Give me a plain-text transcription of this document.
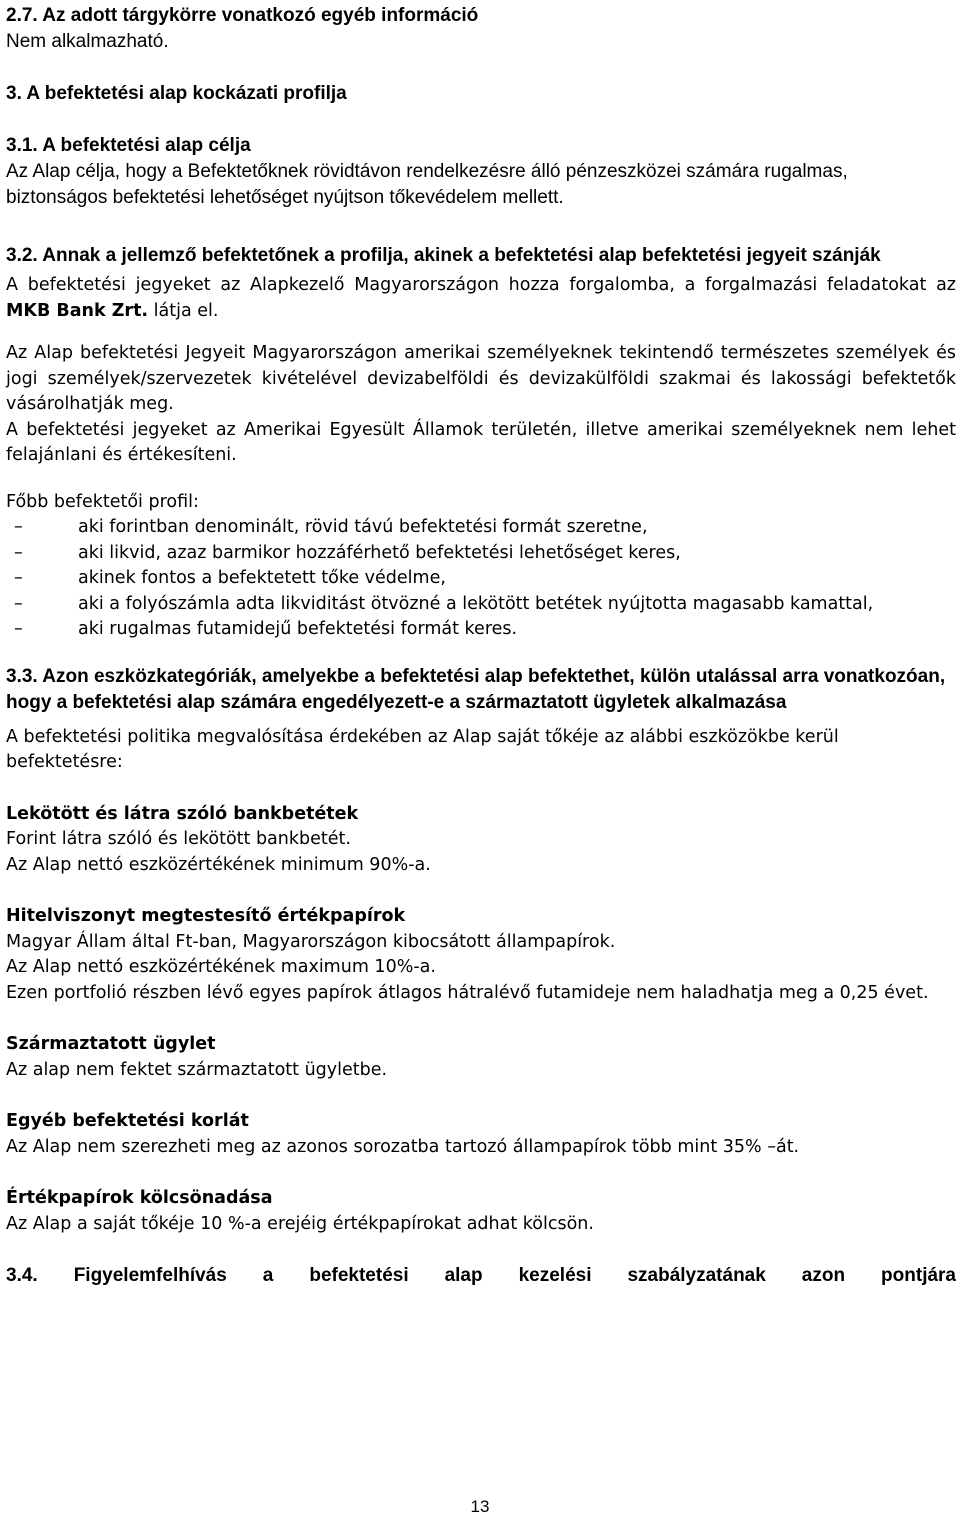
2.7. Az adott tárgykörre vonatkozó egyéb információ

Nem alkalmazható.

3. A befektetési alap kockázati profilja
3.1. A befektetési alap célja

Az Alap célja, hogy a Befektetőknek rövidtávon rendelkezésre álló pénzeszközei számára rugalmas, biztonságos befektetési lehetőséget nyújtson tőkevédelem mellett.

3.2. Annak a jellemző befektetőnek a profilja, akinek a befektetési alap befektetési jegyeit szánják

A befektetési jegyeket az Alapkezelő Magyarországon hozza forgalomba, a forgalmazási feladatokat az MKB Bank Zrt. látja el.

Az Alap befektetési Jegyeit Magyarországon amerikai személyeknek tekintendő természetes személyek és jogi személyek/szervezetek kivételével devizabelföldi és devizakülföldi szakmai és lakossági befektetők vásárolhatják meg.

A befektetési jegyeket az Amerikai Egyesült Államok területén, illetve amerikai személyeknek nem lehet felajánlani és értékesíteni.

Főbb befektetői profil:

–	aki forintban denominált, rövid távú befektetési formát szeretne,
–	aki likvid, azaz barmikor hozzáférhető befektetési lehetőséget keres,
–	akinek fontos a befektetett tőke védelme,
–	aki a folyószámla adta likviditást ötvözné a lekötött betétek nyújtotta magasabb kamattal,
–	aki rugalmas futamidejű befektetési formát keres.
3.3. Azon eszközkategóriák, amelyekbe a befektetési alap befektethet, külön utalással arra vonatkozóan, hogy a befektetési alap számára engedélyezett-e a származtatott ügyletek alkalmazása

A befektetési politika megvalósítása érdekében az Alap saját tőkéje az alábbi eszközökbe kerül befektetésre:

Lekötött és látra szóló bankbetétek

Forint látra szóló és lekötött bankbetét.

Az Alap nettó eszközértékének minimum 90%-a.

Hitelviszonyt megtestesítő értékpapírok

Magyar Állam által Ft-ban, Magyarországon kibocsátott állampapírok.

Az Alap nettó eszközértékének maximum 10%-a.

Ezen portfolió részben lévő egyes papírok átlagos hátralévő futamideje nem haladhatja meg a 0,25 évet.

Származtatott ügylet

Az alap nem fektet származtatott ügyletbe.

Egyéb befektetési korlát

Az Alap nem szerezheti meg az azonos sorozatba tartozó állampapírok több mint 35% –át.

Értékpapírok kölcsönadása

Az Alap a saját tőkéje 10 %-a erejéig értékpapírokat adhat kölcsön.

3.4. Figyelemfelhívás a befektetési alap kezelési szabályzatának azon pontjára
13
